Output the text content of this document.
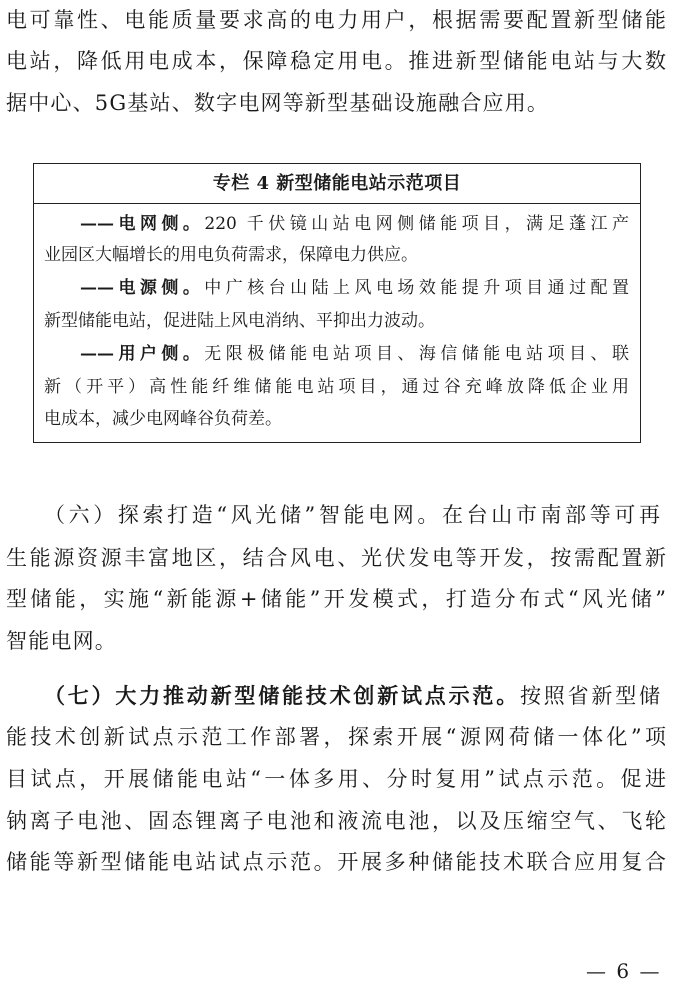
电可靠性、电能质量要求高的电力用户，根据需要配置新型储能
电站，降低用电成本，保障稳定用电。推进新型储能电站与大数
据中心、5G基站、数字电网等新型基础设施融合应用。
专栏 4 新型储能电站示范项目
——电网侧。220 千伏镜山站电网侧储能项目，满足蓬江产
业园区大幅增长的用电负荷需求，保障电力供应。
——电源侧。中广核台山陆上风电场效能提升项目通过配置
新型储能电站，促进陆上风电消纳、平抑出力波动。
——用户侧。无限极储能电站项目、海信储能电站项目、联
新（开平）高性能纤维储能电站项目，通过谷充峰放降低企业用
电成本，减少电网峰谷负荷差。
（六）探索打造“风光储”智能电网。在台山市南部等可再
生能源资源丰富地区，结合风电、光伏发电等开发，按需配置新
型储能，实施“新能源+储能”开发模式，打造分布式“风光储”
智能电网。
（七）大力推动新型储能技术创新试点示范。按照省新型储
能技术创新试点示范工作部署，探索开展“源网荷储一体化”项
目试点，开展储能电站“一体多用、分时复用”试点示范。促进
钠离子电池、固态锂离子电池和液流电池，以及压缩空气、飞轮
储能等新型储能电站试点示范。开展多种储能技术联合应用复合
— 6 —
